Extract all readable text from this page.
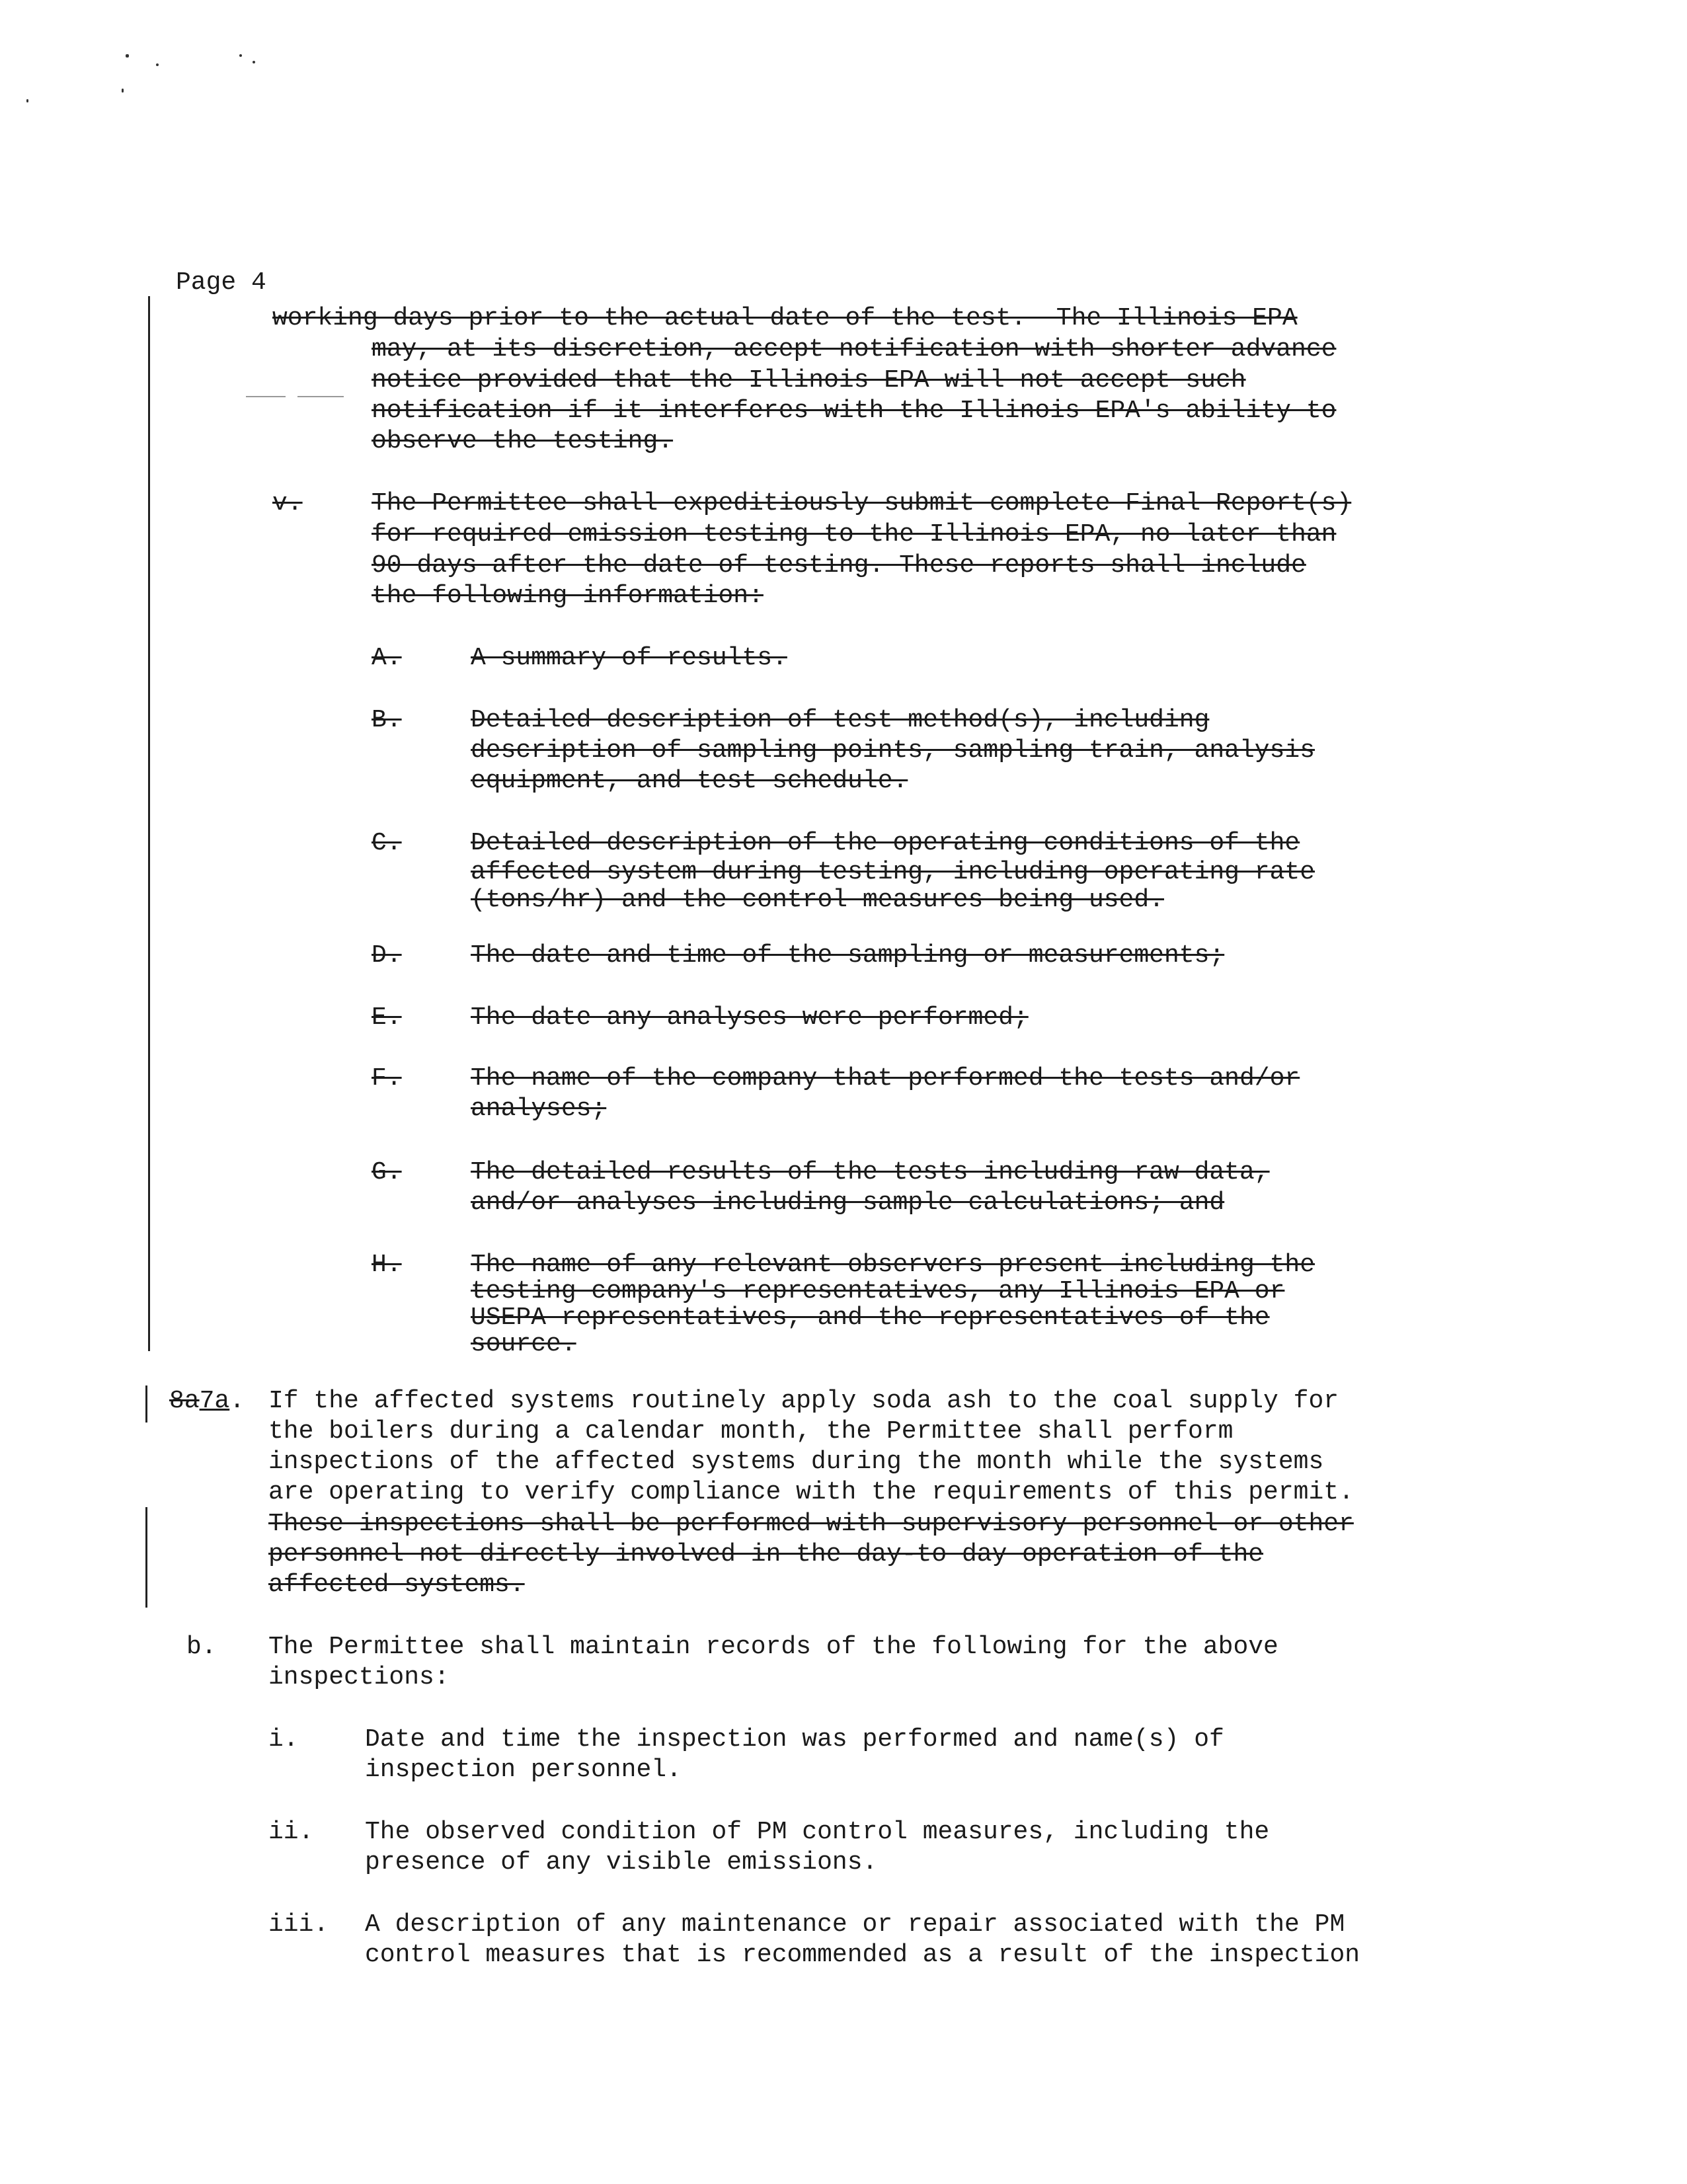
Page 4
working days prior to the actual date of the test.  The Illinois EPA
may, at its discretion, accept notification with shorter advance
notice provided that the Illinois EPA will not accept such
notification if it interferes with the Illinois EPA's ability to
observe the testing.
v.	The Permittee shall expeditiously submit complete Final Report(s)
for required emission testing to the Illinois EPA, no later than
90 days after the date of testing. These reports shall include
the following information:
A.	A summary of results.
B.	Detailed description of test method(s), including
description of sampling points, sampling train, analysis
equipment, and test schedule.
C.	Detailed description of the operating conditions of the
affected system during testing, including operating rate
(tons/hr) and the control measures being used.
D.	The date and time of the sampling or measurements;
E.	The date any analyses were performed;
F.	The name of the company that performed the tests and/or
analyses;
G.	The detailed results of the tests including raw data,
and/or analyses including sample calculations; and
H.	The name of any relevant observers present including the
testing company's representatives, any Illinois EPA or
USEPA representatives, and the representatives of the
source.
8a7a. If the affected systems routinely apply soda ash to the coal supply for
the boilers during a calendar month, the Permittee shall perform
inspections of the affected systems during the month while the systems
are operating to verify compliance with the requirements of this permit.
These inspections shall be performed with supervisory personnel or other
personnel not directly involved in the day-to day operation of the
affected systems.
b. The Permittee shall maintain records of the following for the above
inspections:
i.	Date and time the inspection was performed and name(s) of
inspection personnel.
ii. The observed condition of PM control measures, including the
presence of any visible emissions.
iii. A description of any maintenance or repair associated with the PM
control measures that is recommended as a result of the inspection
